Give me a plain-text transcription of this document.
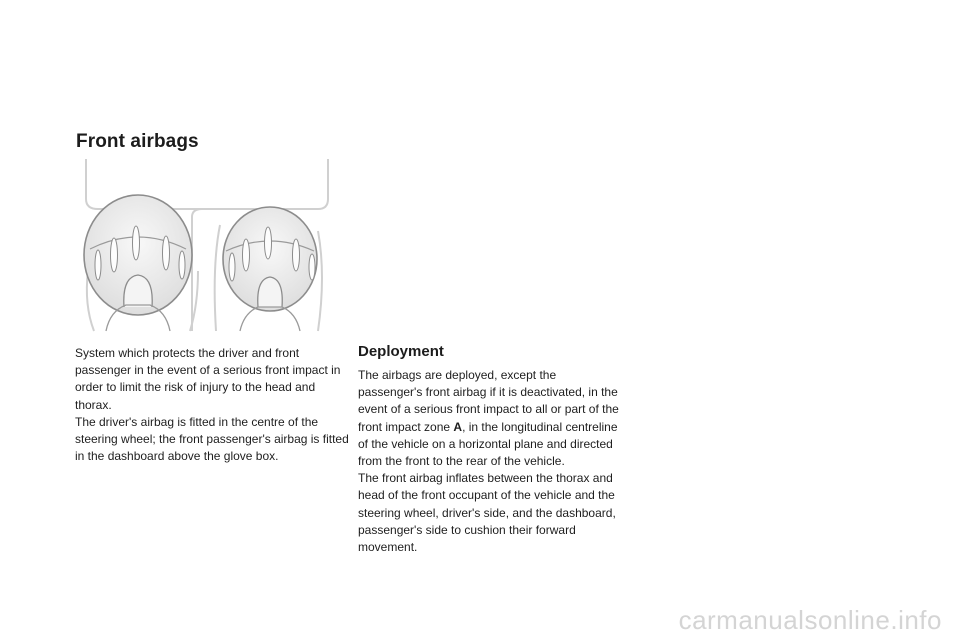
Front airbags

System which protects the driver and front passenger in the event of a serious front impact in order to limit the risk of injury to the head and thorax.

The driver's airbag is fitted in the centre of the steering wheel; the front passenger's airbag is fitted in the dashboard above the glove box.

Deployment

The airbags are deployed, except the passenger's front airbag if it is deactivated, in the event of a serious front impact to all or part of the front impact zone A, in the longitudinal centreline of the vehicle on a horizontal plane and directed from the front to the rear of the vehicle.

The front airbag inflates between the thorax and head of the front occupant of the vehicle and the steering wheel, driver's side, and the dashboard, passenger's side to cushion their forward movement.

carmanualsonline.info
